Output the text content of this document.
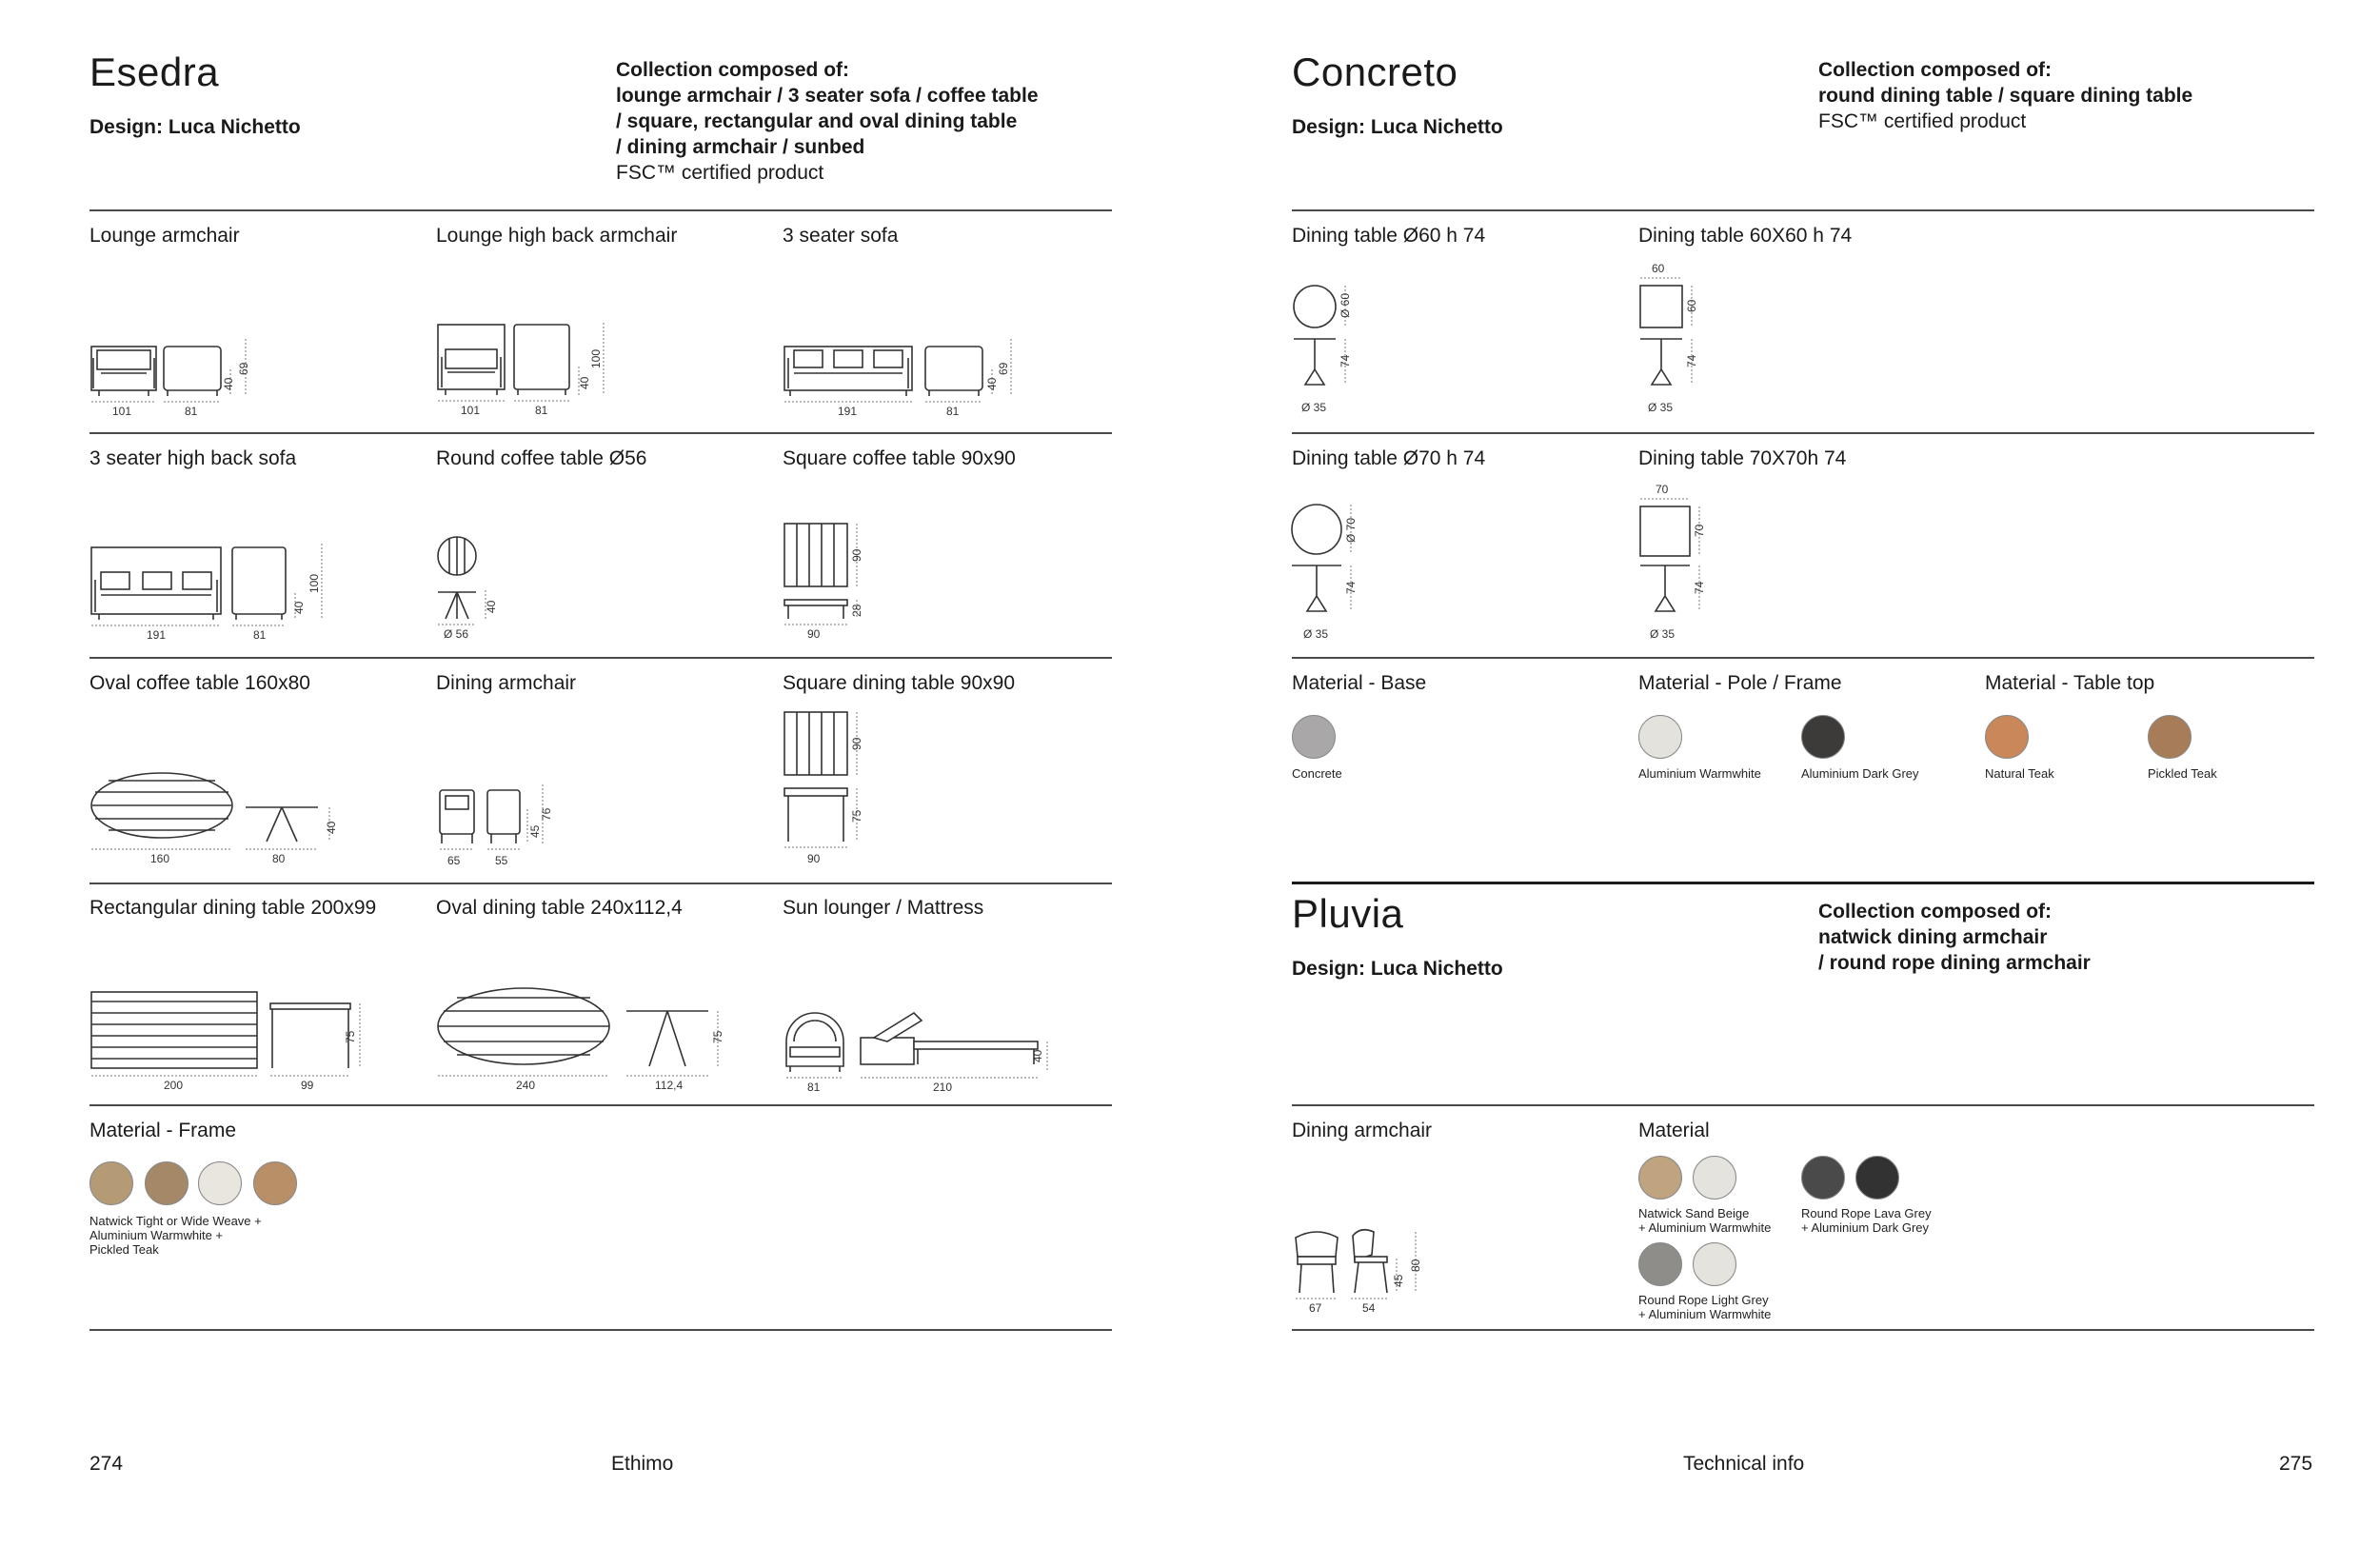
Esedra
Design: Luca Nichetto
Collection composed of:
lounge armchair / 3 seater sofa / coffee table
/ square, rectangular and oval dining table
/ dining armchair / sunbed
FSC™ certified product
Lounge armchair	Lounge high back armchair	3 seater sofa
101	81
40
69
101	81
40
100
191	81
40
69
3 seater high back sofa	Round coffee table Ø56	Square coffee table 90x90
191	81
40
100
Ø 56
40
90
28
90
Oval coffee table 160x80	Dining armchair	Square dining table 90x90
160	80
40
65	55
45
76
90
75
90
Rectangular dining table 200x99	Oval dining table 240x112,4	Sun lounger / Mattress
200	99
75
240	112,4
75
81	210
40
Material - Frame
Natwick Tight or Wide Weave +
Aluminium Warmwhite +
Pickled Teak
Concreto
Design: Luca Nichetto
Collection composed of:
round dining table / square dining table
FSC™ certified product
Dining table Ø60 h 74	Dining table 60X60 h 74
Ø 60
74
Ø 35
60
60
74
Ø 35
Dining table Ø70 h 74	Dining table 70X70h 74
Ø 70
74
Ø 35
70
70
74
Ø 35
Material - Base	Material - Pole / Frame	Material - Table top
Concrete	Aluminium Warmwhite	Aluminium Dark Grey	Natural Teak	Pickled Teak
Pluvia
Design: Luca Nichetto
Collection composed of:
natwick dining armchair
/ round rope dining armchair
Dining armchair
67	54
45
80
Material
Natwick Sand Beige
+ Aluminium Warmwhite
Round Rope Lava Grey
+ Aluminium Dark Grey
Round Rope Light Grey
+ Aluminium Warmwhite
274	Ethimo	Technical info	275
